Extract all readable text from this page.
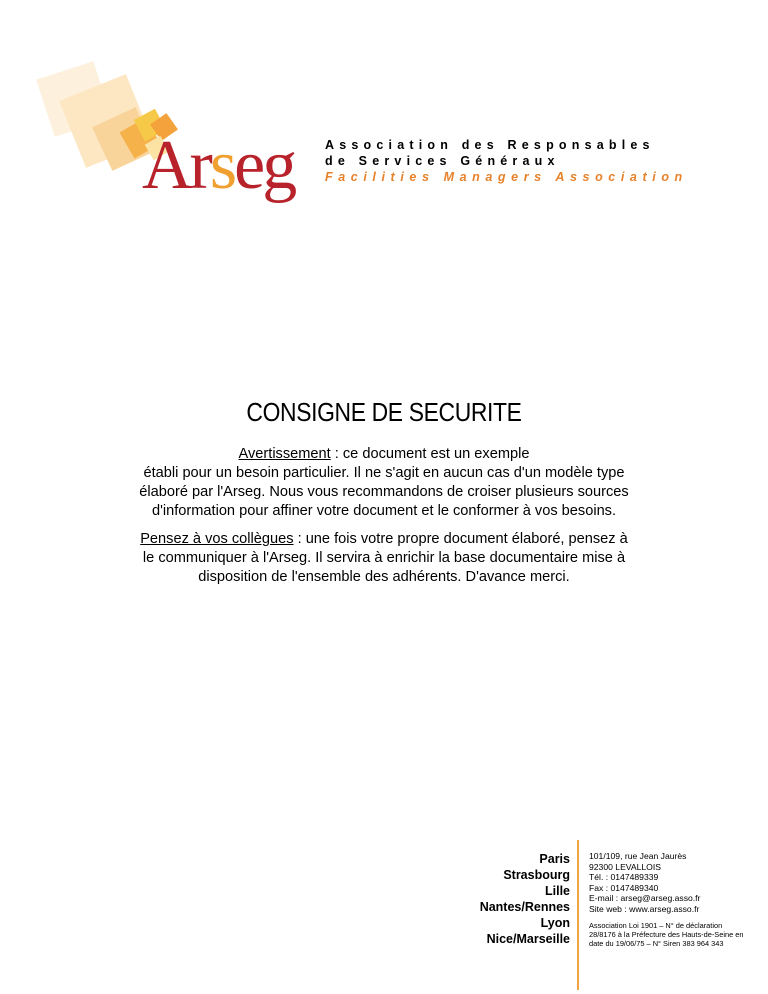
Arseg Association des Responsables
de Services Généraux
Facilities Managers Association
CONSIGNE DE SECURITE
Avertissement : ce document est un exemple
établi pour un besoin particulier. Il ne s'agit en aucun cas d'un modèle type
élaboré par l'Arseg. Nous vous recommandons de croiser plusieurs sources
d'information pour affiner votre document et le conformer à vos besoins.
Pensez à vos collègues : une fois votre propre document élaboré, pensez à
le communiquer à l'Arseg. Il servira à enrichir la base documentaire mise à
disposition de l'ensemble des adhérents. D'avance merci.
Paris
Strasbourg
Lille
Nantes/Rennes
Lyon
Nice/Marseille
101/109, rue Jean Jaurès
92300 LEVALLOIS
Tél. : 0147489339
Fax : 0147489340
E-mail : arseg@arseg.asso.fr
Site web : www.arseg.asso.fr
Association Loi 1901 – N° de déclaration
28/8176 à la Préfecture des Hauts-de-Seine en
date du 19/06/75 – N° Siren 383 964 343
